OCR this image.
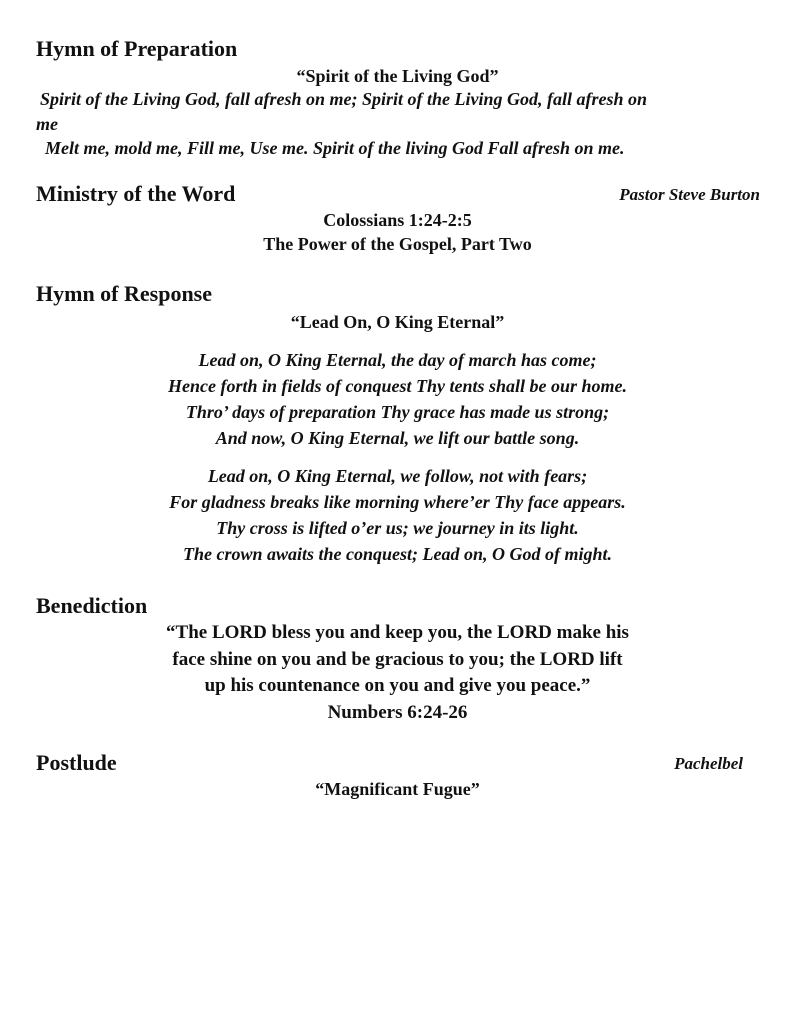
Hymn of Preparation
“Spirit of the Living God”
Spirit of the Living God, fall afresh on me; Spirit of the Living God, fall afresh on
me
Melt me, mold me, Fill me, Use me. Spirit of the living God Fall afresh on me.
Ministry of the Word	Pastor Steve Burton
Colossians 1:24-2:5
The Power of the Gospel, Part Two
Hymn of Response
“Lead On, O King Eternal”
Lead on, O King Eternal, the day of march has come;
Hence forth in fields of conquest Thy tents shall be our home.
Thro’ days of preparation Thy grace has made us strong;
And now, O King Eternal, we lift our battle song.
Lead on, O King Eternal, we follow, not with fears;
For gladness breaks like morning where’er Thy face appears.
Thy cross is lifted o’er us; we journey in its light.
The crown awaits the conquest; Lead on, O God of might.
Benediction
“The LORD bless you and keep you, the LORD make his
face shine on you and be gracious to you; the LORD lift
up his countenance on you and give you peace.”
Numbers 6:24-26
Postlude	Pachelbel
“Magnificant Fugue”
